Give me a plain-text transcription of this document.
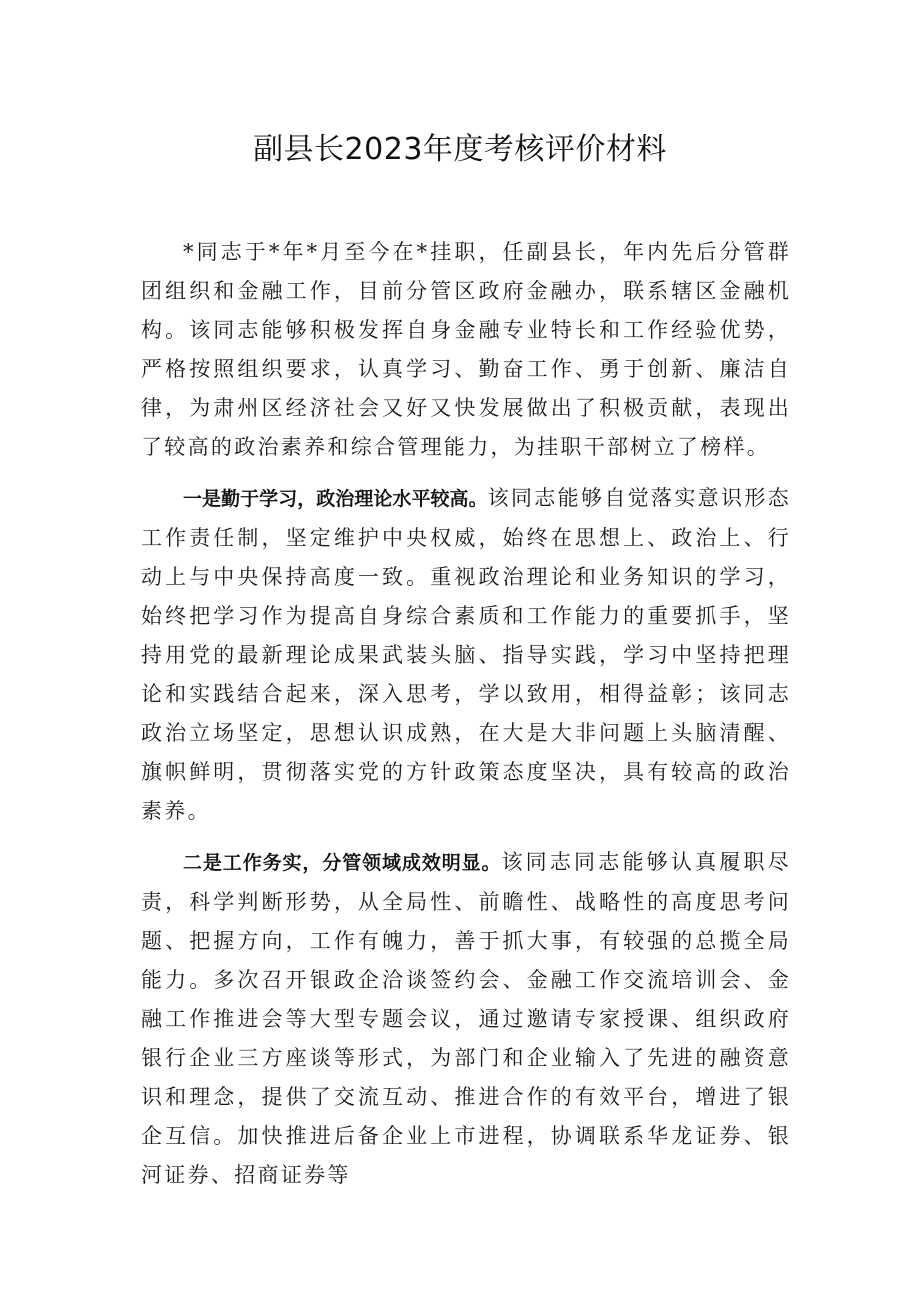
副县长2023年度考核评价材料

*同志于*年*月至今在*挂职，任副县长，年内先后分管群团组织和金融工作，目前分管区政府金融办，联系辖区金融机构。该同志能够积极发挥自身金融专业特长和工作经验优势，严格按照组织要求，认真学习、勤奋工作、勇于创新、廉洁自律，为肃州区经济社会又好又快发展做出了积极贡献，表现出了较高的政治素养和综合管理能力，为挂职干部树立了榜样。

一是勤于学习，政治理论水平较高。该同志能够自觉落实意识形态工作责任制，坚定维护中央权威，始终在思想上、政治上、行动上与中央保持高度一致。重视政治理论和业务知识的学习，始终把学习作为提高自身综合素质和工作能力的重要抓手，坚持用党的最新理论成果武装头脑、指导实践，学习中坚持把理论和实践结合起来，深入思考，学以致用，相得益彰；该同志政治立场坚定，思想认识成熟，在大是大非问题上头脑清醒、旗帜鲜明，贯彻落实党的方针政策态度坚决，具有较高的政治素养。

二是工作务实，分管领域成效明显。该同志同志能够认真履职尽责，科学判断形势，从全局性、前瞻性、战略性的高度思考问题、把握方向，工作有魄力，善于抓大事，有较强的总揽全局能力。多次召开银政企洽谈签约会、金融工作交流培训会、金融工作推进会等大型专题会议，通过邀请专家授课、组织政府银行企业三方座谈等形式，为部门和企业输入了先进的融资意识和理念，提供了交流互动、推进合作的有效平台，增进了银企互信。加快推进后备企业上市进程，协调联系华龙证券、银河证券、招商证券等
